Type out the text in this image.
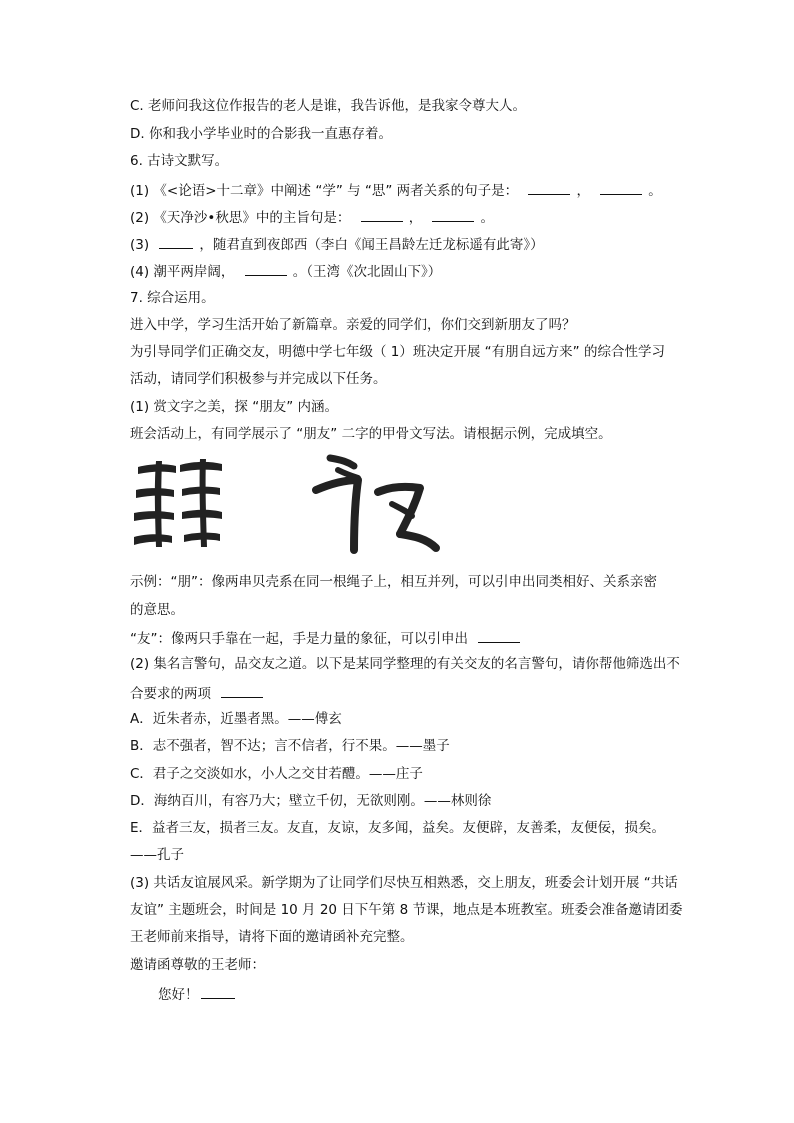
C. 老师问我这位作报告的老人是谁，我告诉他，是我家令尊大人。
D. 你和我小学毕业时的合影我一直惠存着。
6. 古诗文默写。
(1) 《<论语>十二章》中阐述 “学” 与 “思” 两者关系的句子是：	，	。
(2) 《天净沙•秋思》中的主旨句是：	，	。
(3)	，随君直到夜郎西（李白《闻王昌龄左迁龙标遥有此寄》）
(4) 潮平两岸阔，	。（王湾《次北固山下》）
7. 综合运用。
进入中学，学习生活开始了新篇章。亲爱的同学们，你们交到新朋友了吗？
为引导同学们正确交友，明德中学七年级（ 1）班决定开展 “有朋自远方来” 的综合性学习
活动，请同学们积极参与并完成以下任务。
(1) 赏文字之美，探 “朋友” 内涵。
班会活动上，有同学展示了 “朋友” 二字的甲骨文写法。请根据示例，完成填空。
示例：“朋”：像两串贝壳系在同一根绳子上，相互并列，可以引申出同类相好、关系亲密
的意思。
“友”：像两只手靠在一起，手是力量的象征，可以引申出
(2) 集名言警句，品交友之道。以下是某同学整理的有关交友的名言警句，请你帮他筛选出不
合要求的两项
A．近朱者赤，近墨者黑。——傅玄
B．志不强者，智不达；言不信者，行不果。——墨子
C．君子之交淡如水，小人之交甘若醴。——庄子
D．海纳百川，有容乃大；壁立千仞，无欲则刚。——林则徐
E．益者三友，损者三友。友直，友谅，友多闻，益矣。友便辟，友善柔，友便佞，损矣。
——孔子
(3) 共话友谊展风采。新学期为了让同学们尽快互相熟悉，交上朋友，班委会计划开展 “共话
友谊” 主题班会，时间是 10 月 20 日下午第 8 节课，地点是本班教室。班委会准备邀请团委
王老师前来指导，请将下面的邀请函补充完整。
邀请函尊敬的王老师：
您好！
